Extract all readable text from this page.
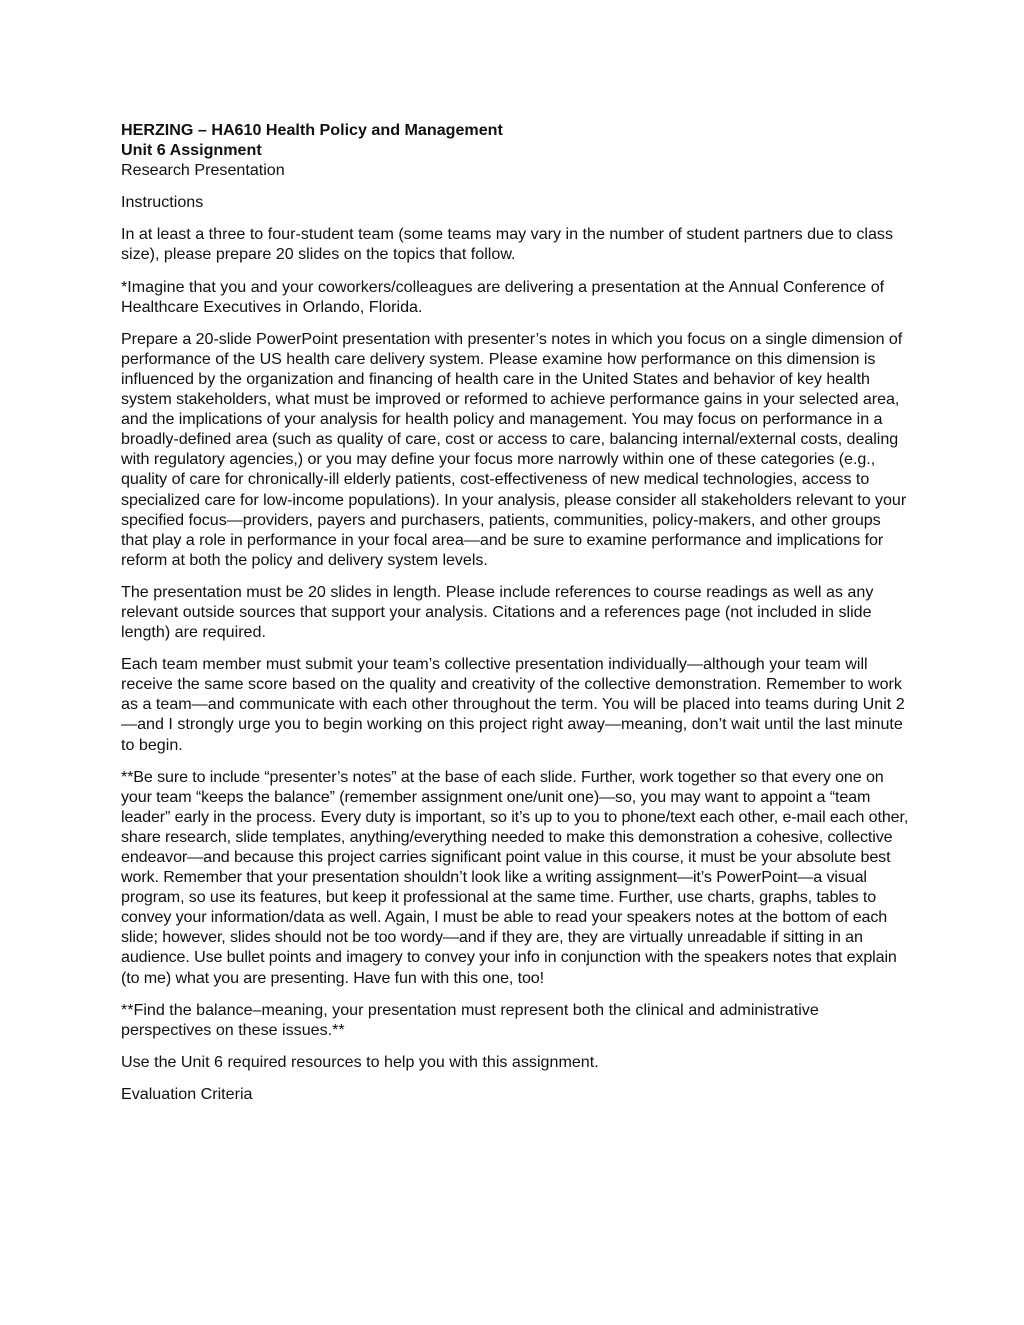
HERZING – HA610 Health Policy and Management
Unit 6 Assignment
Research Presentation

Instructions

In at least a three to four-student team (some teams may vary in the number of student partners due to class size), please prepare 20 slides on the topics that follow.

*Imagine that you and your coworkers/colleagues are delivering a presentation at the Annual Conference of Healthcare Executives in Orlando, Florida.

Prepare a 20-slide PowerPoint presentation with presenter’s notes in which you focus on a single dimension of performance of the US health care delivery system. Please examine how performance on this dimension is influenced by the organization and financing of health care in the United States and behavior of key health system stakeholders, what must be improved or reformed to achieve performance gains in your selected area, and the implications of your analysis for health policy and management. You may focus on performance in a broadly-defined area (such as quality of care, cost or access to care, balancing internal/external costs, dealing with regulatory agencies,) or you may define your focus more narrowly within one of these categories (e.g., quality of care for chronically-ill elderly patients, cost-effectiveness of new medical technologies, access to specialized care for low-income populations). In your analysis, please consider all stakeholders relevant to your specified focus—providers, payers and purchasers, patients, communities, policy-makers, and other groups that play a role in performance in your focal area—and be sure to examine performance and implications for reform at both the policy and delivery system levels.

The presentation must be 20 slides in length. Please include references to course readings as well as any relevant outside sources that support your analysis. Citations and a references page (not included in slide length) are required.

Each team member must submit your team’s collective presentation individually—although your team will receive the same score based on the quality and creativity of the collective demonstration. Remember to work as a team—and communicate with each other throughout the term. You will be placed into teams during Unit 2—and I strongly urge you to begin working on this project right away—meaning, don’t wait until the last minute to begin.

**Be sure to include “presenter’s notes” at the base of each slide. Further, work together so that every one on your team “keeps the balance” (remember assignment one/unit one)—so, you may want to appoint a “team leader” early in the process. Every duty is important, so it’s up to you to phone/text each other, e-mail each other, share research, slide templates, anything/everything needed to make this demonstration a cohesive, collective endeavor—and because this project carries significant point value in this course, it must be your absolute best work. Remember that your presentation shouldn’t look like a writing assignment—it’s PowerPoint—a visual program, so use its features, but keep it professional at the same time. Further, use charts, graphs, tables to convey your information/data as well. Again, I must be able to read your speakers notes at the bottom of each slide; however, slides should not be too wordy—and if they are, they are virtually unreadable if sitting in an audience. Use bullet points and imagery to convey your info in conjunction with the speakers notes that explain (to me) what you are presenting. Have fun with this one, too!

**Find the balance–meaning, your presentation must represent both the clinical and administrative perspectives on these issues.**

Use the Unit 6 required resources to help you with this assignment.

Evaluation Criteria
